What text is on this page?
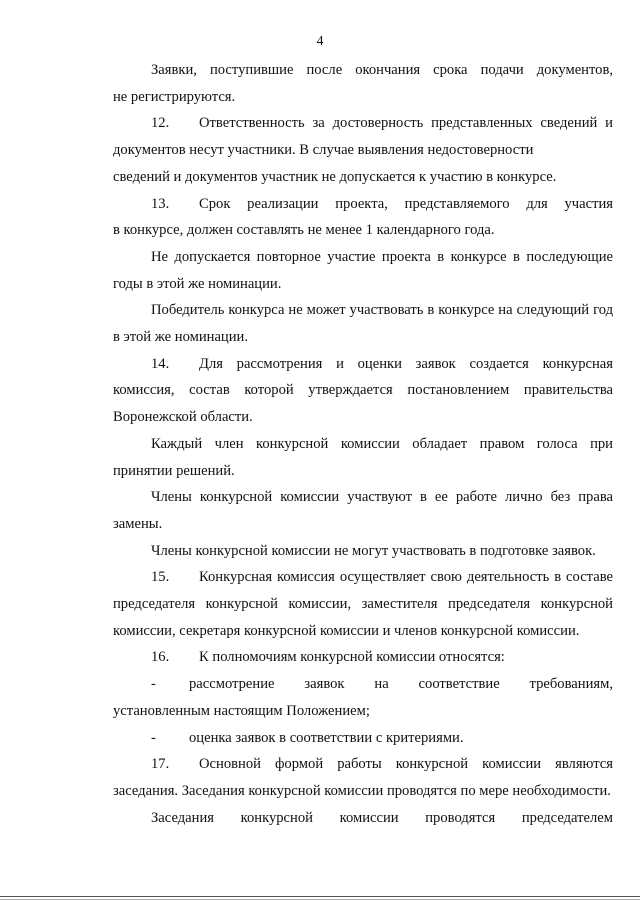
4

Заявки, поступившие после окончания срока подачи документов,

не регистрируются.

12. Ответственность за достоверность представленных сведений и документов несут участники. В случае выявления недостоверности

сведений и документов участник не допускается к участию в конкурсе.

13. Срок реализации проекта, представляемого для участия

в конкурсе, должен составлять не менее 1 календарного года.

Не допускается повторное участие проекта в конкурсе в последующие годы в этой же номинации.

Победитель конкурса не может участвовать в конкурсе на следующий год в этой же номинации.

14. Для рассмотрения и оценки заявок создается конкурсная комиссия, состав которой утверждается постановлением правительства Воронежской области.

Каждый член конкурсной комиссии обладает правом голоса при принятии решений.

Члены конкурсной комиссии участвуют в ее работе лично без права замены.

Члены конкурсной комиссии не могут участвовать в подготовке заявок.

15. Конкурсная комиссия осуществляет свою деятельность в составе председателя конкурсной комиссии, заместителя председателя конкурсной комиссии, секретаря конкурсной комиссии и членов конкурсной комиссии.

16. К полномочиям конкурсной комиссии относятся:

-	рассмотрение заявок на соответствие требованиям,

установленным настоящим Положением;

-	оценка заявок в соответствии с критериями.

17. Основной формой работы конкурсной комиссии являются заседания. Заседания конкурсной комиссии проводятся по мере необходимости.

Заседания конкурсной комиссии проводятся председателем
